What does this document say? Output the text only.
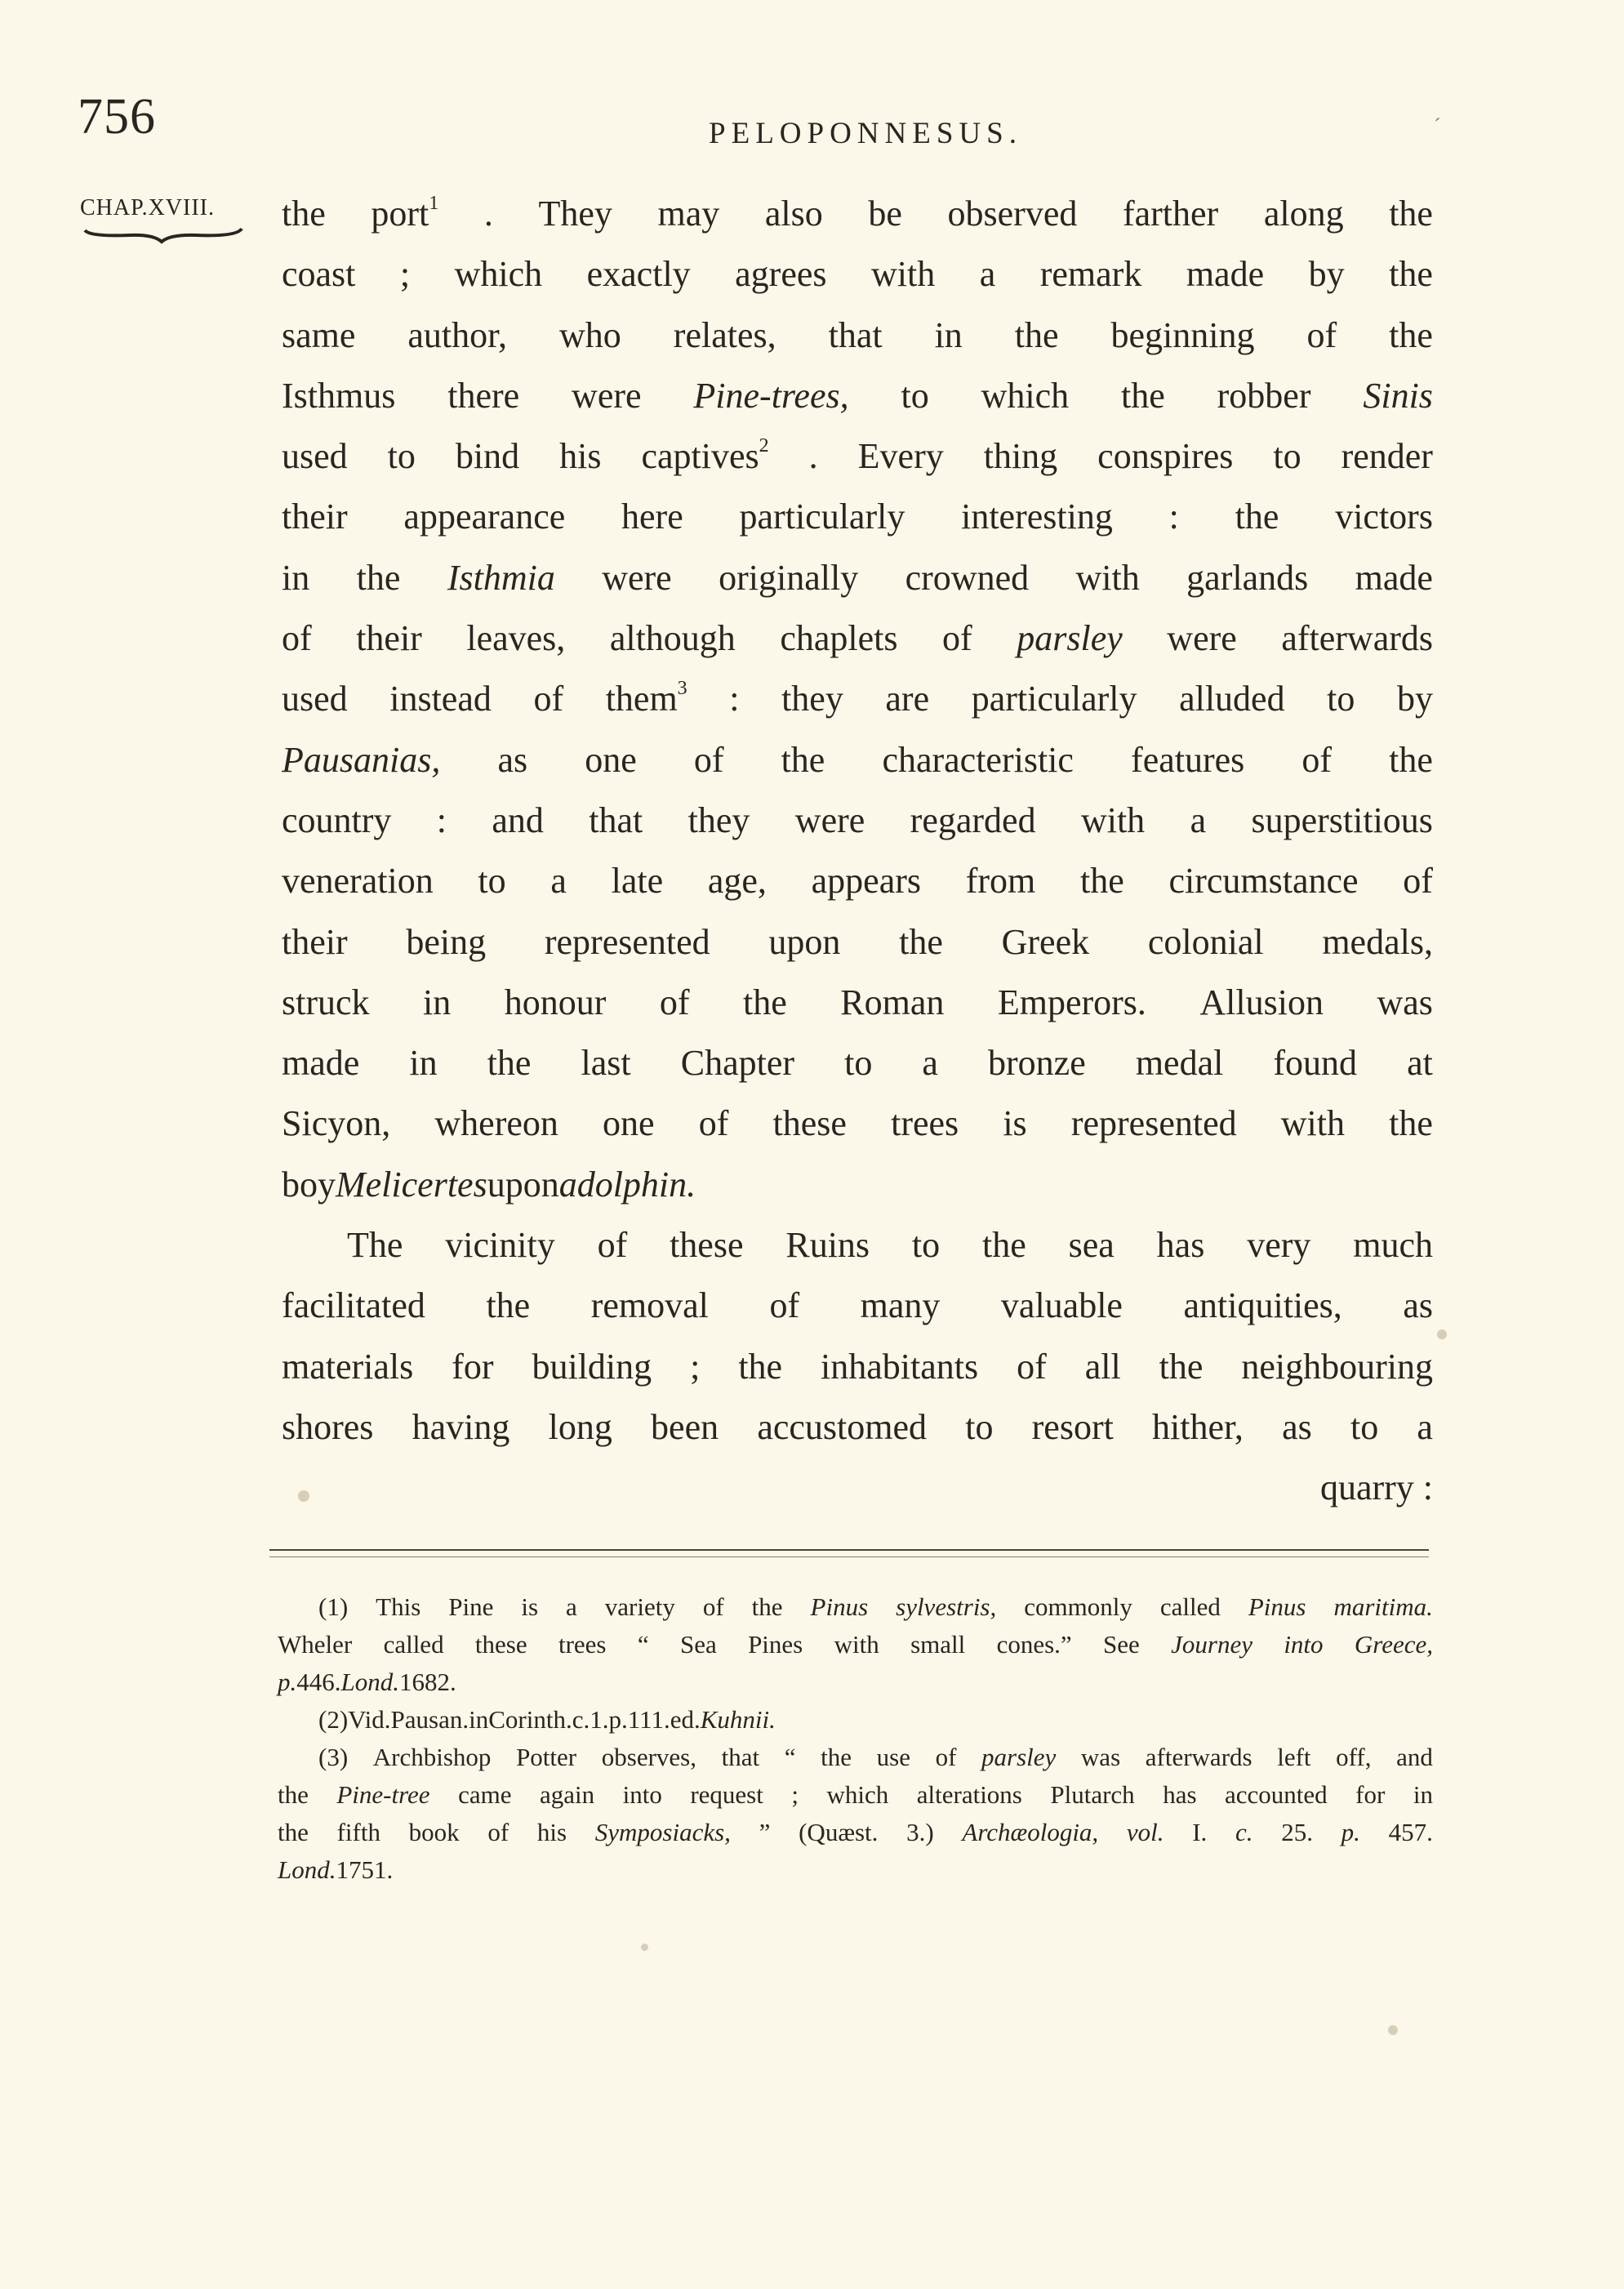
756	PELOPONNESUS.	´
CHAP.XVIII. the port$^1$ . They may also be observed farther along the
coast ; which exactly agrees with a remark made by the
same author, who relates, that in the beginning of the
Isthmus there were Pine-trees, to which the robber Sinis
used to bind his captives$^2$ . Every thing conspires to render
their appearance here particularly interesting : the victors
in the Isthmia were originally crowned with garlands made
of their leaves, although chaplets of parsley were afterwards
used instead of them$^3$ : they are particularly alluded to by
Pausanias, as one of the characteristic features of the
country : and that they were regarded with a superstitious
veneration to a late age, appears from the circumstance of
their being represented upon the Greek colonial medals,
struck in honour of the Roman Emperors. Allusion was
made in the last Chapter to a bronze medal found at
Sicyon, whereon one of these trees is represented with the
boy Melicertes upon a dolphin.
The vicinity of these Ruins to the sea has very much
facilitated the removal of many valuable antiquities, as
materials for building ; the inhabitants of all the neighbouring
shores having long been accustomed to resort hither, as to a
quarry :
(1) This Pine is a variety of the Pinus sylvestris, commonly called Pinus maritima.
Wheler called these trees “ Sea Pines with small cones.” See Journey into Greece,
p. 446. Lond. 1682.
(2) Vid. Pausan. in Corinth. c. 1. p. 111. ed. Kuhnii.
(3) Archbishop Potter observes, that “ the use of parsley was afterwards left off, and
the Pine-tree came again into request ; which alterations Plutarch has accounted for in
the fifth book of his Symposiacks, ” (Quæst. 3.) Archæologia, vol. I. c. 25. p. 457.
Lond. 1751.
